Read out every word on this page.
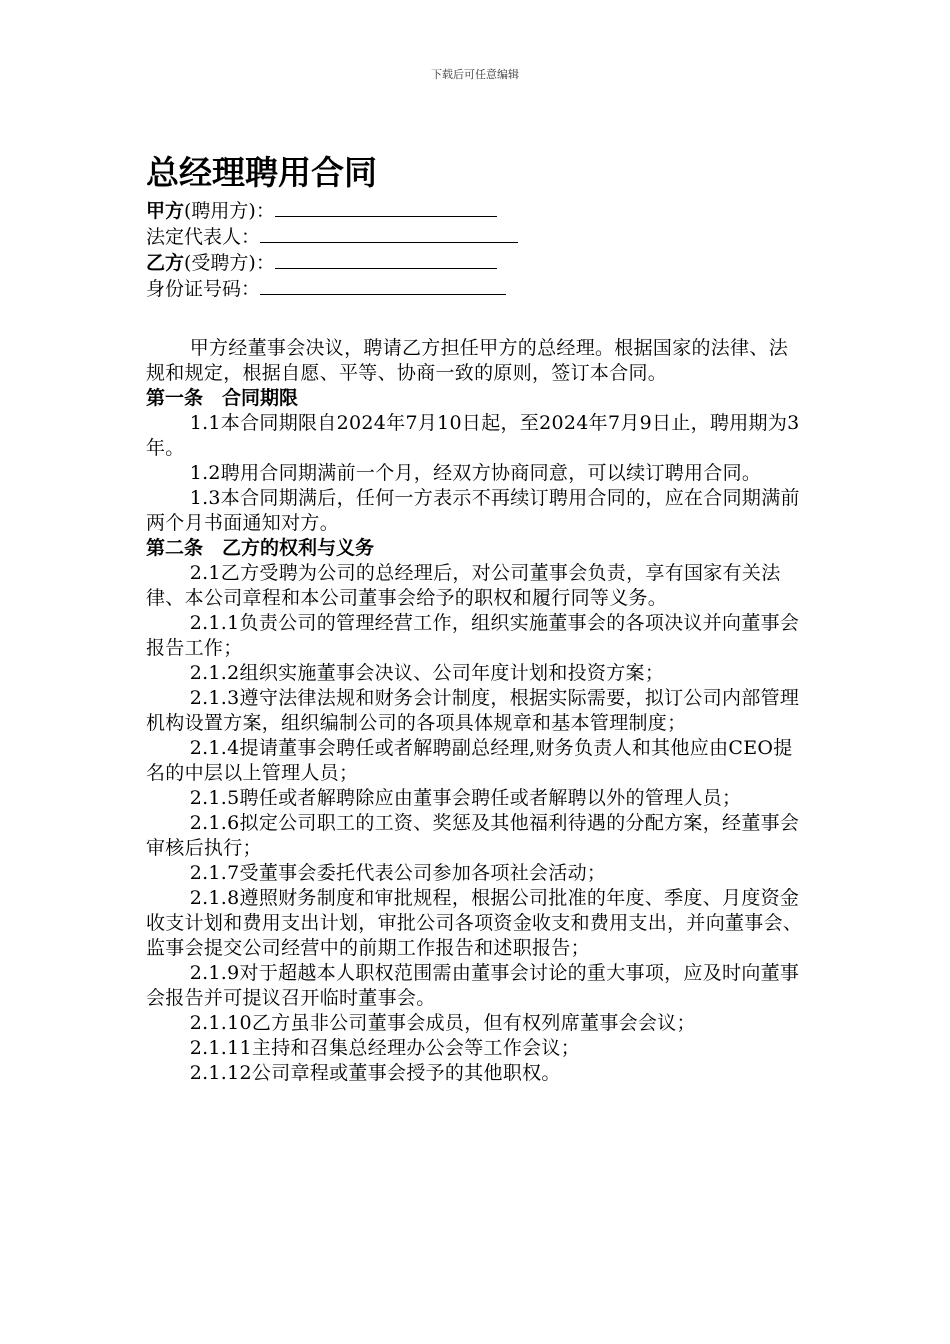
下载后可任意编辑
总经理聘用合同
甲方(聘用方)：
法定代表人：
乙方(受聘方)：
身份证号码：

甲方经董事会决议，聘请乙方担任甲方的总经理。根据国家的法律、法规和规定，根据自愿、平等、协商一致的原则，签订本合同。

第一条　合同期限

1.1本合同期限自2024年7月10日起，至2024年7月9日止，聘用期为3年。

1.2聘用合同期满前一个月，经双方协商同意，可以续订聘用合同。

1.3本合同期满后，任何一方表示不再续订聘用合同的，应在合同期满前两个月书面通知对方。

第二条　乙方的权利与义务

2.1乙方受聘为公司的总经理后，对公司董事会负责，享有国家有关法律、本公司章程和本公司董事会给予的职权和履行同等义务。

2.1.1负责公司的管理经营工作，组织实施董事会的各项决议并向董事会报告工作；

2.1.2组织实施董事会决议、公司年度计划和投资方案；

2.1.3遵守法律法规和财务会计制度，根据实际需要，拟订公司内部管理机构设置方案，组织编制公司的各项具体规章和基本管理制度；

2.1.4提请董事会聘任或者解聘副总经理,财务负责人和其他应由CEO提名的中层以上管理人员；

2.1.5聘任或者解聘除应由董事会聘任或者解聘以外的管理人员；

2.1.6拟定公司职工的工资、奖惩及其他福利待遇的分配方案，经董事会审核后执行；

2.1.7受董事会委托代表公司参加各项社会活动；

2.1.8遵照财务制度和审批规程，根据公司批准的年度、季度、月度资金收支计划和费用支出计划，审批公司各项资金收支和费用支出，并向董事会、监事会提交公司经营中的前期工作报告和述职报告；

2.1.9对于超越本人职权范围需由董事会讨论的重大事项，应及时向董事会报告并可提议召开临时董事会。

2.1.10乙方虽非公司董事会成员，但有权列席董事会会议；

2.1.11主持和召集总经理办公会等工作会议；

2.1.12公司章程或董事会授予的其他职权。
